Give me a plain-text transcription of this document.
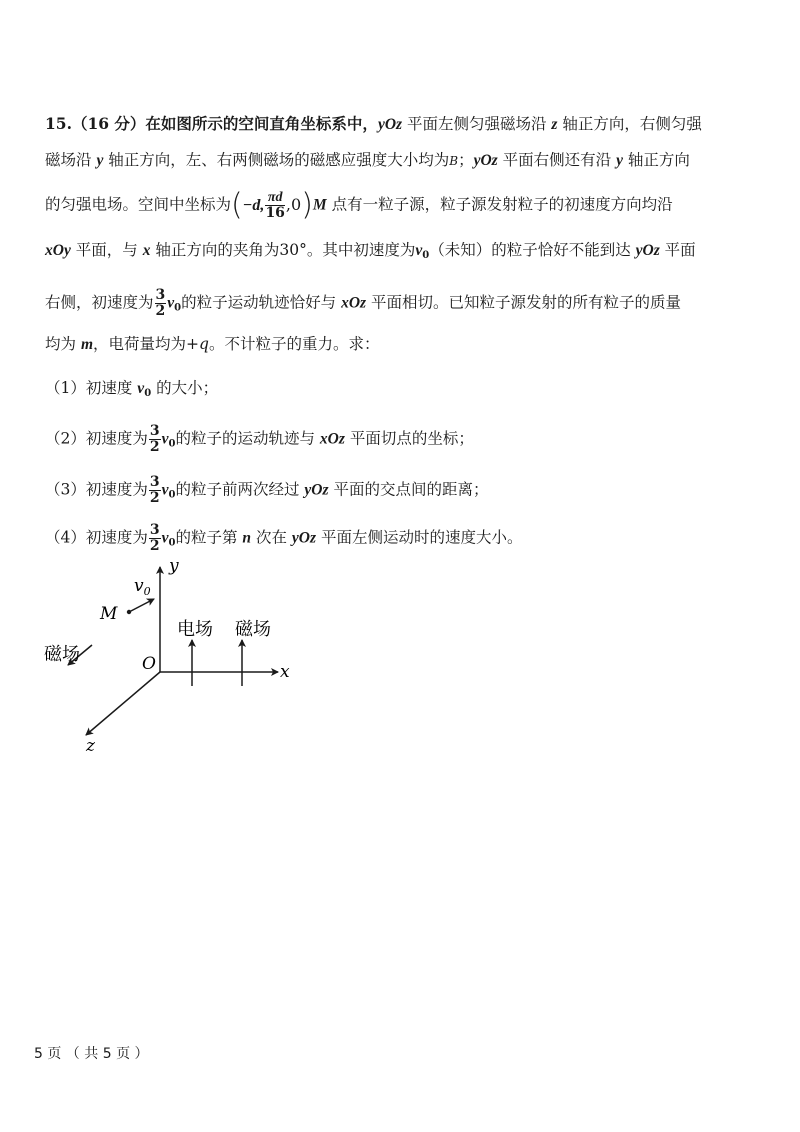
15.（16 分）在如图所示的空间直角坐标系中，yOz 平面左侧匀强磁场沿 z 轴正方向，右侧匀强
磁场沿 y 轴正方向，左、右两侧磁场的磁感应强度大小均为B；yOz 平面右侧还有沿 y 轴正方向
的匀强电场。空间中坐标为(−d, $\frac{\pi d}{16} ,0)M$ 点有一粒子源，粒子源发射粒子的初速度方向均沿
xOy 平面，与 x 轴正方向的夹角为30°。其中初速度为$v_0$（未知）的粒子恰好不能到达 yOz 平面
右侧，初速度为 $\frac{3}{2} v_0$的粒子运动轨迹恰好与 xOz 平面相切。已知粒子源发射的所有粒子的质量
均为 m，电荷量均为+q。不计粒子的重力。求：
（1）初速度 $v_0$ 的大小；
（2）初速度为 $\frac{3}{2} v_0$的粒子的运动轨迹与 xOz 平面切点的坐标；
（3）初速度为 $\frac{3}{2} v_0$的粒子前两次经过 yOz 平面的交点间的距离；
（4）初速度为 $\frac{3}{2} v_0$的粒子第 n 次在 yOz 平面左侧运动时的速度大小。
y
x
z
O
M
$v_0$
电场 磁场
磁场
5 页 （ 共 5 页 ）
